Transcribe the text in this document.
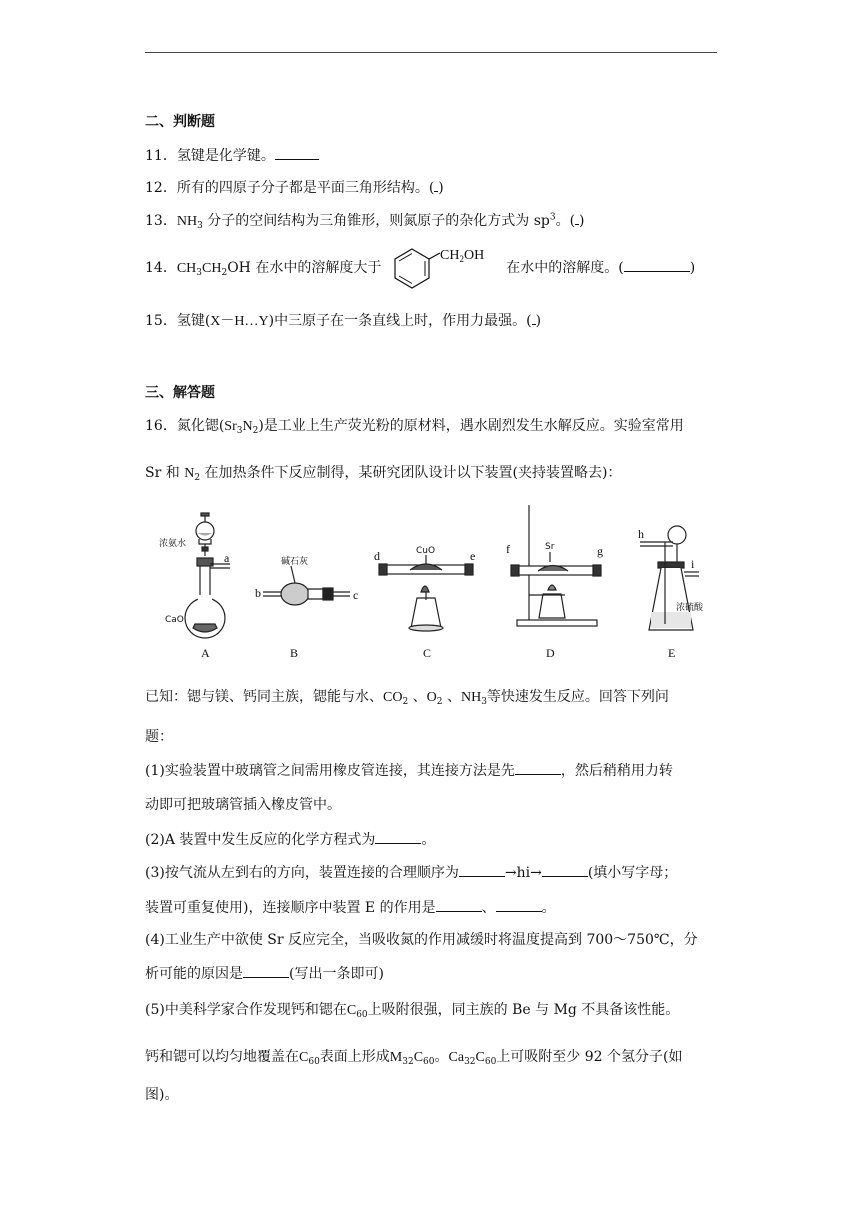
二、判断题
11．氢键是化学键。
12．所有的四原子分子都是平面三角形结构。( )
13．$NH_3$ 分子的空间结构为三角锥形，则氮原子的杂化方式为 $sp^3$。( )
14．$CH_3CH_2OH$ 在水中的溶解度大于
$CH_2OH$
在水中的溶解度。(	)
15．氢键(X－H…Y)中三原子在一条直线上时，作用力最强。( )
三、解答题
16．氮化锶$(Sr_3N_2)$是工业上生产荧光粉的原材料，遇水剧烈发生水解反应。实验室常用
Sr 和 $N_2$ 在加热条件下反应制得，某研究团队设计以下装置(夹持装置略去)：
浓氨水
a
CaO
A
碱石灰
b	c
B
CuO
d	e
C
Sr
f	g
D
h
i
浓硫酸
E
已知：锶与镁、钙同主族，锶能与水、$CO_2$ 、$O_2$ 、$NH_3$等快速发生反应。回答下列问
题：
(1)实验装置中玻璃管之间需用橡皮管连接，其连接方法是先	，然后稍稍用力转
动即可把玻璃管插入橡皮管中。
(2)A 装置中发生反应的化学方程式为	。
(3)按气流从左到右的方向，装置连接的合理顺序为	→hi→	(填小写字母；
装置可重复使用)，连接顺序中装置 E 的作用是	、	。
(4)工业生产中欲使 Sr 反应完全，当吸收氮的作用减缓时将温度提高到 700～750℃，分
析可能的原因是	(写出一条即可)
(5)中美科学家合作发现钙和锶在$C_{60}$上吸附很强，同主族的 Be 与 Mg 不具备该性能。
钙和锶可以均匀地覆盖在$C_{60}$表面上形成$M_{32}C_{60}$。$Ca_{32}C_{60}$上可吸附至少 92 个氢分子(如
图)。
